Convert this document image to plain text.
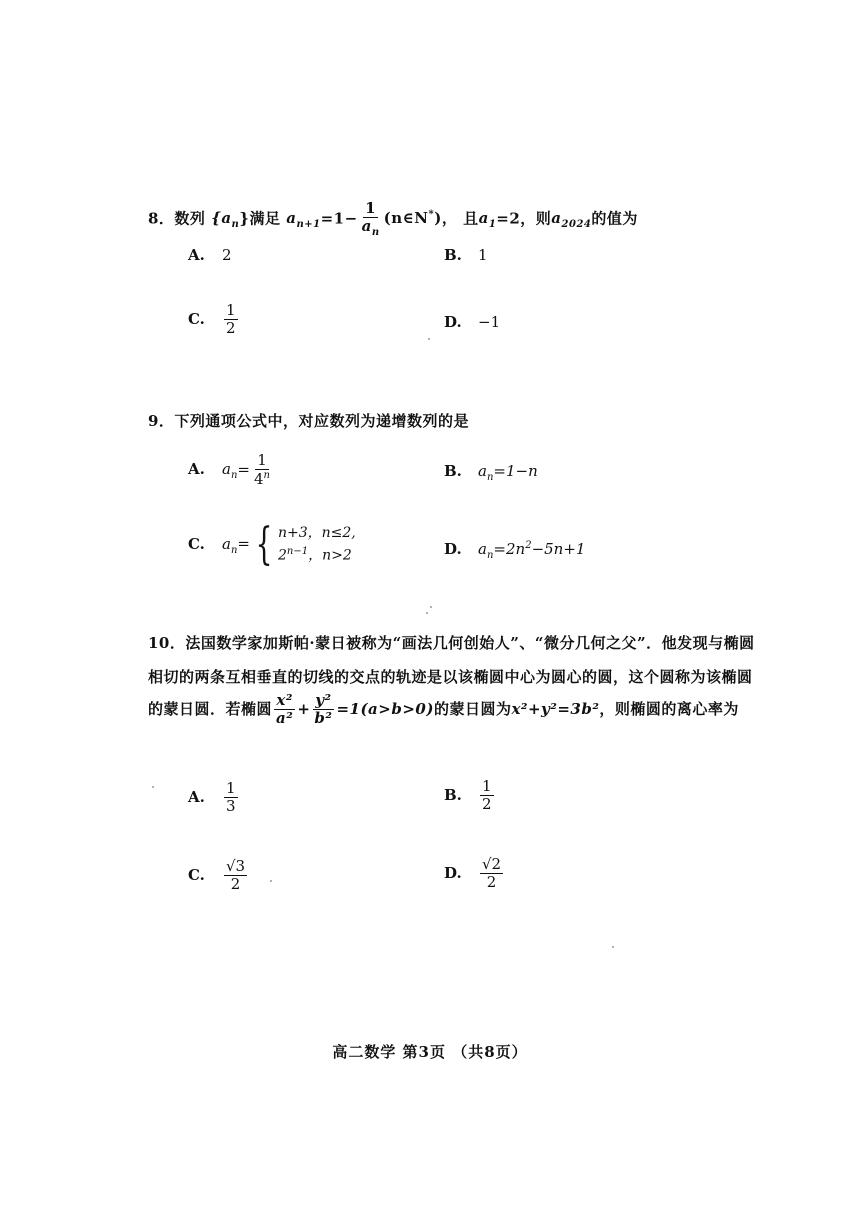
8．数列 $\{a_n\}$满足 $a_{n+1}=1- \frac{1}{a_n}$ (n∈N*)， 且$a_1=2$，则$a_{2024}$的值为
A. 2	B. 1
C. $\frac{1}{2}$	D. −1
9．下列通项公式中，对应数列为递增数列的是
A. $a_n= \frac{1}{4^n}$	B. $a_n=1-n$
C. $a_n=$ { n+3，n≤2,
$2^{n-1}$，n>2	D. $a_n=2n^2-5n+1$
10．法国数学家加斯帕·蒙日被称为“画法几何创始人”、“微分几何之父”．他发现与椭圆
相切的两条互相垂直的切线的交点的轨迹是以该椭圆中心为圆心的圆，这个圆称为该椭圆
的蒙日圆．若椭圆 $\frac{\text{x²}}{\text{a²}} + \frac{\text{y²}}{\text{b²}} =1(a>b>0)$的蒙日圆为x²+y²=3b²，则椭圆的离心率为
A. $\frac{1}{3}$	B. $\frac{1}{2}$
C. $\frac{√3}{2}$	D. $\frac{√2}{2}$
高二数学 第3页 （共8页）
